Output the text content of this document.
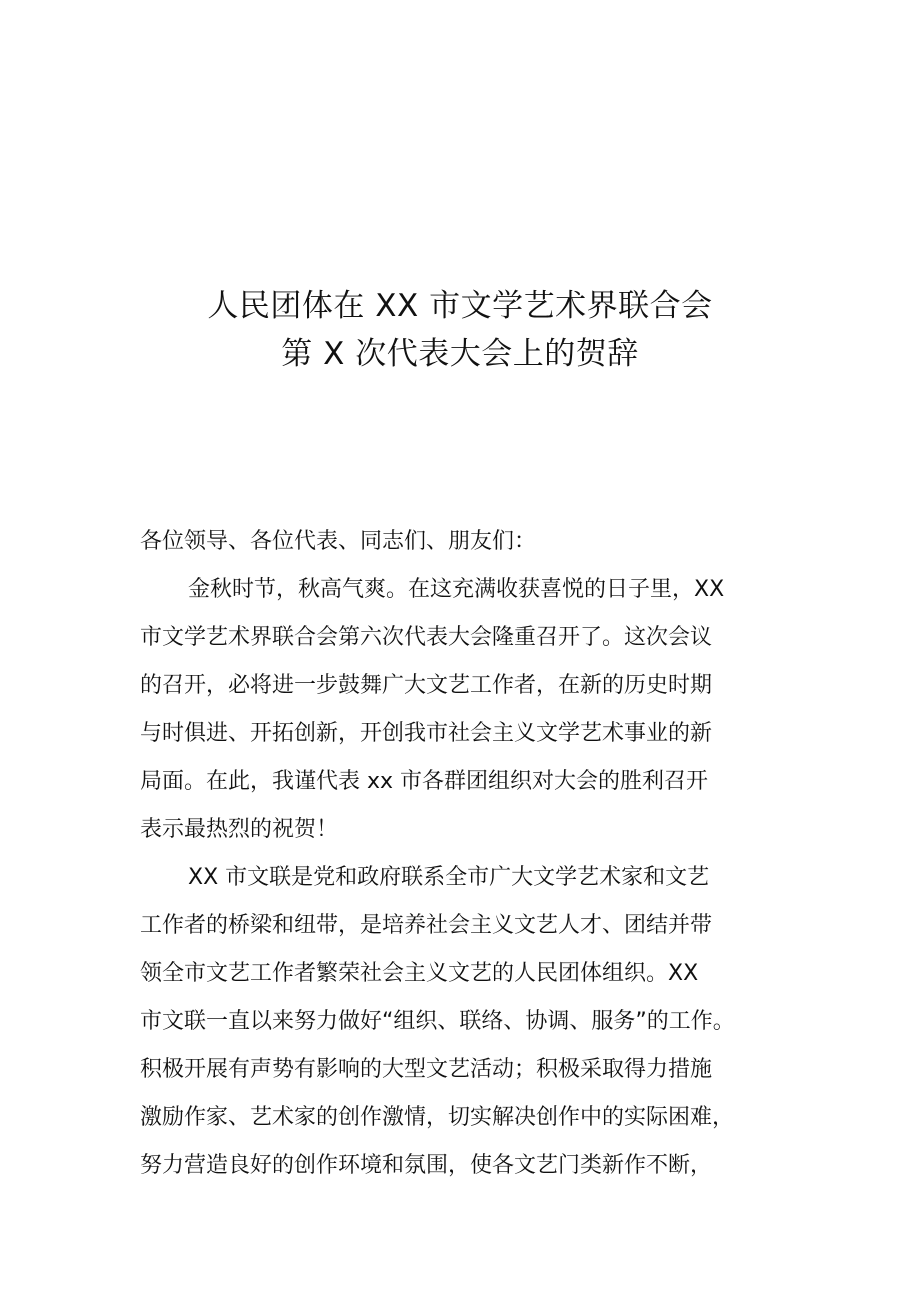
人民团体在 XX 市文学艺术界联合会
第 X 次代表大会上的贺辞
各位领导、各位代表、同志们、朋友们：
金秋时节，秋高气爽。在这充满收获喜悦的日子里，XX
市文学艺术界联合会第六次代表大会隆重召开了。这次会议
的召开，必将进一步鼓舞广大文艺工作者，在新的历史时期
与时俱进、开拓创新，开创我市社会主义文学艺术事业的新
局面。在此，我谨代表 xx 市各群团组织对大会的胜利召开
表示最热烈的祝贺！
XX 市文联是党和政府联系全市广大文学艺术家和文艺
工作者的桥梁和纽带，是培养社会主义文艺人才、团结并带
领全市文艺工作者繁荣社会主义文艺的人民团体组织。XX
市文联一直以来努力做好“组织、联络、协调、服务”的工作。
积极开展有声势有影响的大型文艺活动；积极采取得力措施
激励作家、艺术家的创作激情，切实解决创作中的实际困难，
努力营造良好的创作环境和氛围，使各文艺门类新作不断，
